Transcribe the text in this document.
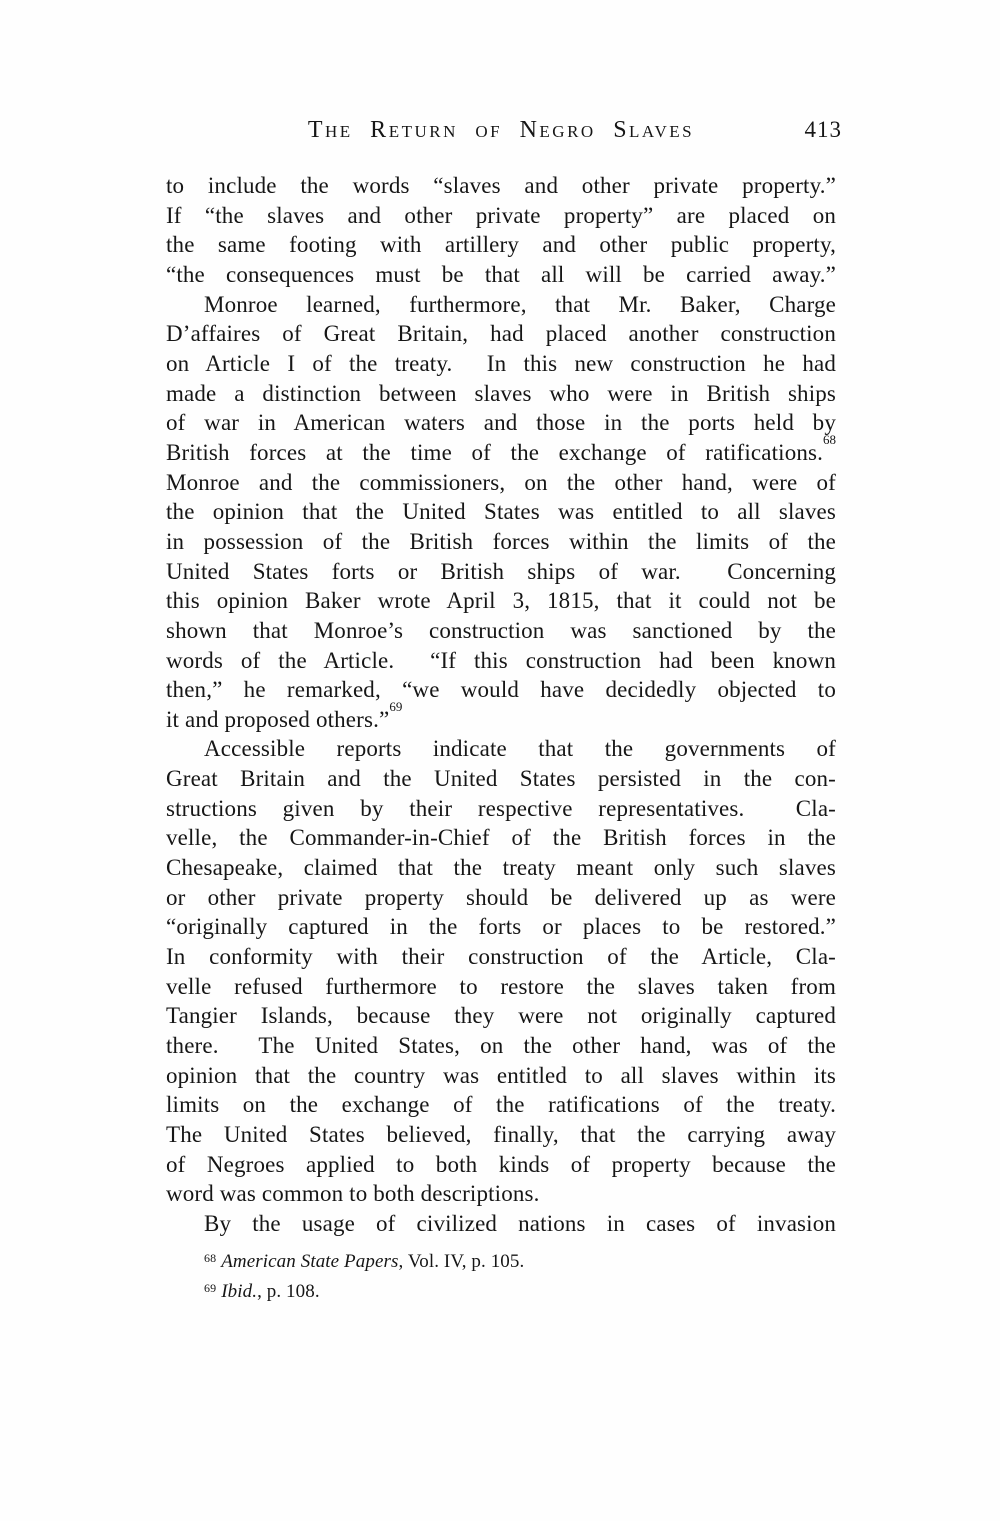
The Return of Negro Slaves	413
to include the words “slaves and other private property.”
If “the slaves and other private property” are placed on
the same footing with artillery and other public property,
“the consequences must be that all will be carried away.”
Monroe learned, furthermore, that Mr. Baker, Charge
D’affaires of Great Britain, had placed another construction
on Article I of the treaty.  In this new construction he had
made a distinction between slaves who were in British ships
of war in American waters and those in the ports held by
British forces at the time of the exchange of ratifications.$^{68}$
Monroe and the commissioners, on the other hand, were of
the opinion that the United States was entitled to all slaves
in possession of the British forces within the limits of the
United States forts or British ships of war.  Concerning
this opinion Baker wrote April 3, 1815, that it could not be
shown that Monroe’s construction was sanctioned by the
words of the Article.  “If this construction had been known
then,” he remarked, “we would have decidedly objected to
it and proposed others.”$^{69}$
Accessible reports indicate that the governments of
Great Britain and the United States persisted in the con-
structions given by their respective representatives.  Cla-
velle, the Commander-in-Chief of the British forces in the
Chesapeake, claimed that the treaty meant only such slaves
or other private property should be delivered up as were
“originally captured in the forts or places to be restored.”
In conformity with their construction of the Article, Cla-
velle refused furthermore to restore the slaves taken from
Tangier Islands, because they were not originally captured
there.  The United States, on the other hand, was of the
opinion that the country was entitled to all slaves within its
limits on the exchange of the ratifications of the treaty.
The United States believed, finally, that the carrying away
of Negroes applied to both kinds of property because the
word was common to both descriptions.
By the usage of civilized nations in cases of invasion
$^{68}$ American State Papers, Vol. IV, p. 105.
$^{69}$ Ibid., p. 108.
